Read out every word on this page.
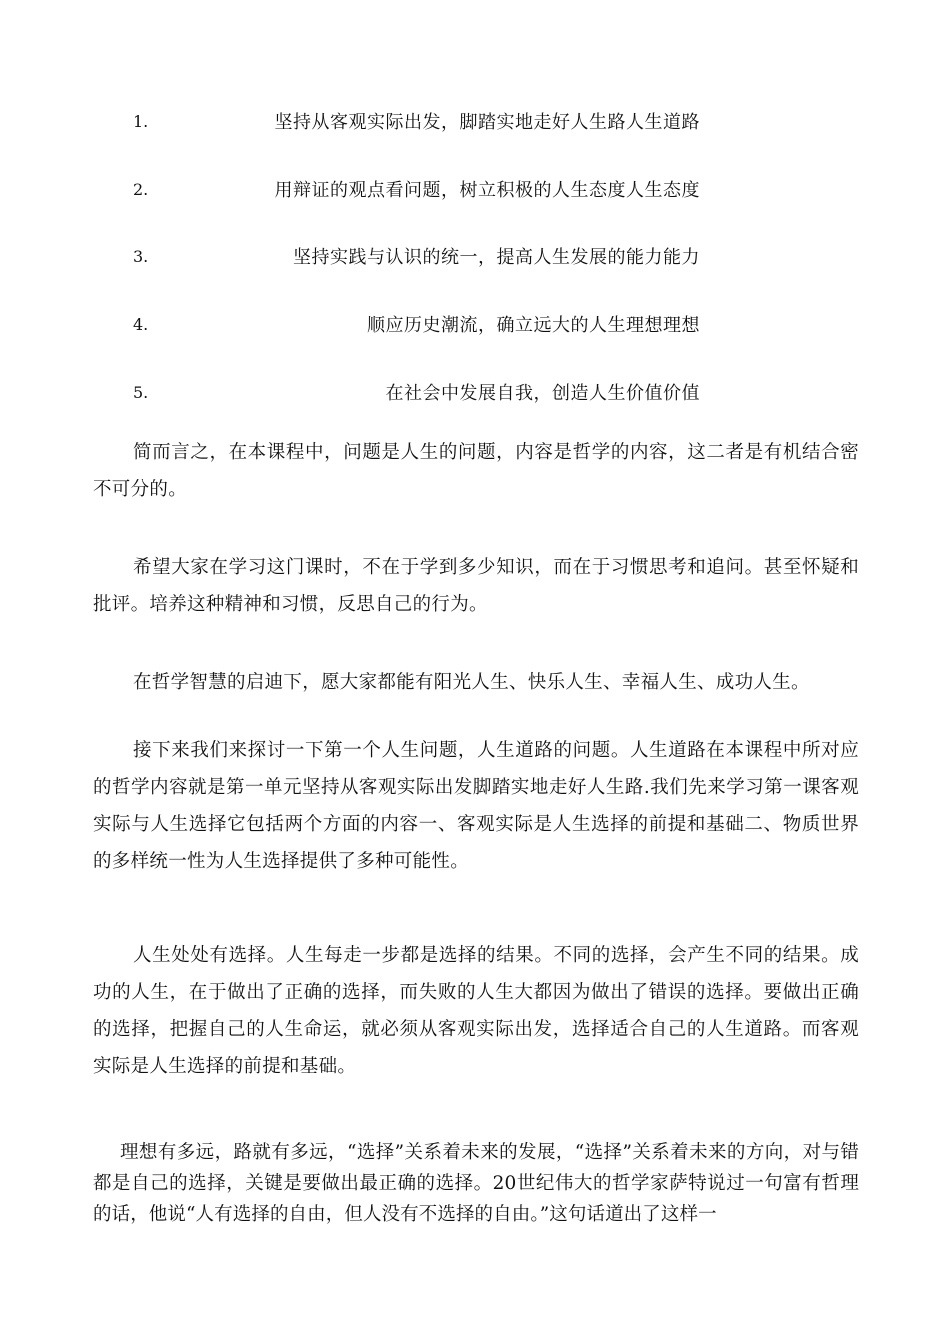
1.	坚持从客观实际出发，脚踏实地走好人生路人生道路
2.	用辩证的观点看问题，树立积极的人生态度人生态度
3.	坚持实践与认识的统一，提高人生发展的能力能力
4.	顺应历史潮流，确立远大的人生理想理想
5.	在社会中发展自我，创造人生价值价值

简而言之，在本课程中，问题是人生的问题，内容是哲学的内容，这二者是有机结合密不可分的。

希望大家在学习这门课时，不在于学到多少知识，而在于习惯思考和追问。甚至怀疑和批评。培养这种精神和习惯，反思自己的行为。

在哲学智慧的启迪下，愿大家都能有阳光人生、快乐人生、幸福人生、成功人生。

接下来我们来探讨一下第一个人生问题，人生道路的问题。人生道路在本课程中所对应的哲学内容就是第一单元坚持从客观实际出发脚踏实地走好人生路.我们先来学习第一课客观实际与人生选择它包括两个方面的内容一、客观实际是人生选择的前提和基础二、物质世界的多样统一性为人生选择提供了多种可能性。

人生处处有选择。人生每走一步都是选择的结果。不同的选择，会产生不同的结果。成功的人生，在于做出了正确的选择，而失败的人生大都因为做出了错误的选择。要做出正确的选择，把握自己的人生命运，就必须从客观实际出发，选择适合自己的人生道路。而客观实际是人生选择的前提和基础。

理想有多远，路就有多远，“选择”关系着未来的发展，“选择”关系着未来的方向，对与错都是自己的选择，关键是要做出最正确的选择。20世纪伟大的哲学家萨特说过一句富有哲理的话，他说“人有选择的自由，但人没有不选择的自由。”这句话道出了这样一
